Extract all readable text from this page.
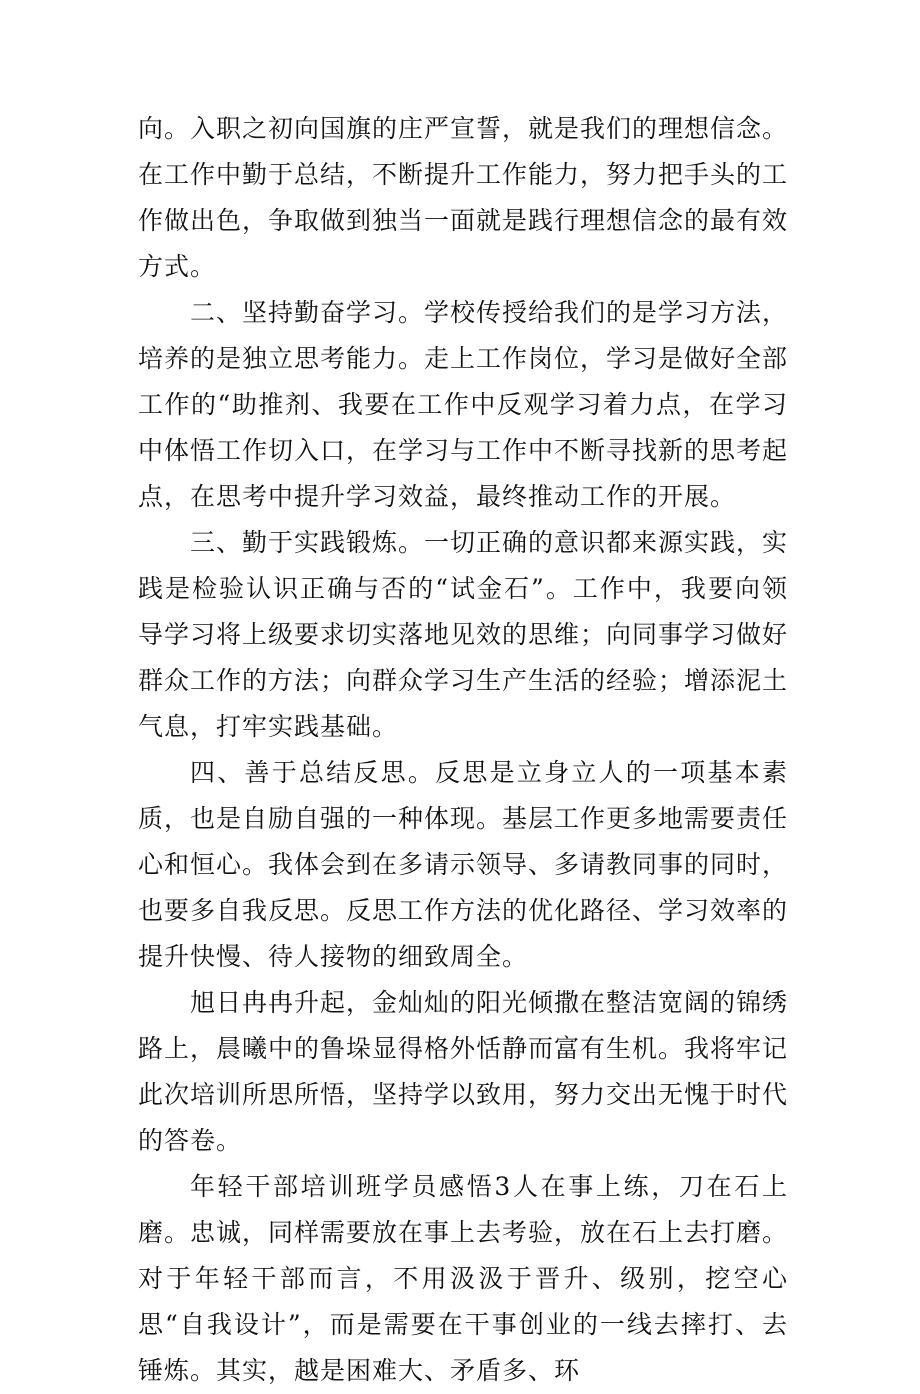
向。入职之初向国旗的庄严宣誓，就是我们的理想信念。在工作中勤于总结，不断提升工作能力，努力把手头的工作做出色，争取做到独当一面就是践行理想信念的最有效方式。

二、坚持勤奋学习。学校传授给我们的是学习方法，培养的是独立思考能力。走上工作岗位，学习是做好全部工作的“助推剂、我要在工作中反观学习着力点，在学习中体悟工作切入口，在学习与工作中不断寻找新的思考起点，在思考中提升学习效益，最终推动工作的开展。

三、勤于实践锻炼。一切正确的意识都来源实践，实践是检验认识正确与否的“试金石”。工作中，我要向领导学习将上级要求切实落地见效的思维；向同事学习做好群众工作的方法；向群众学习生产生活的经验；增添泥土气息，打牢实践基础。

四、善于总结反思。反思是立身立人的一项基本素质，也是自励自强的一种体现。基层工作更多地需要责任心和恒心。我体会到在多请示领导、多请教同事的同时，也要多自我反思。反思工作方法的优化路径、学习效率的提升快慢、待人接物的细致周全。

旭日冉冉升起，金灿灿的阳光倾撒在整洁宽阔的锦绣路上，晨曦中的鲁垛显得格外恬静而富有生机。我将牢记此次培训所思所悟，坚持学以致用，努力交出无愧于时代的答卷。

年轻干部培训班学员感悟3人在事上练，刀在石上磨。忠诚，同样需要放在事上去考验，放在石上去打磨。对于年轻干部而言，不用汲汲于晋升、级别，挖空心思“自我设计”，而是需要在干事创业的一线去摔打、去锤炼。其实，越是困难大、矛盾多、环
